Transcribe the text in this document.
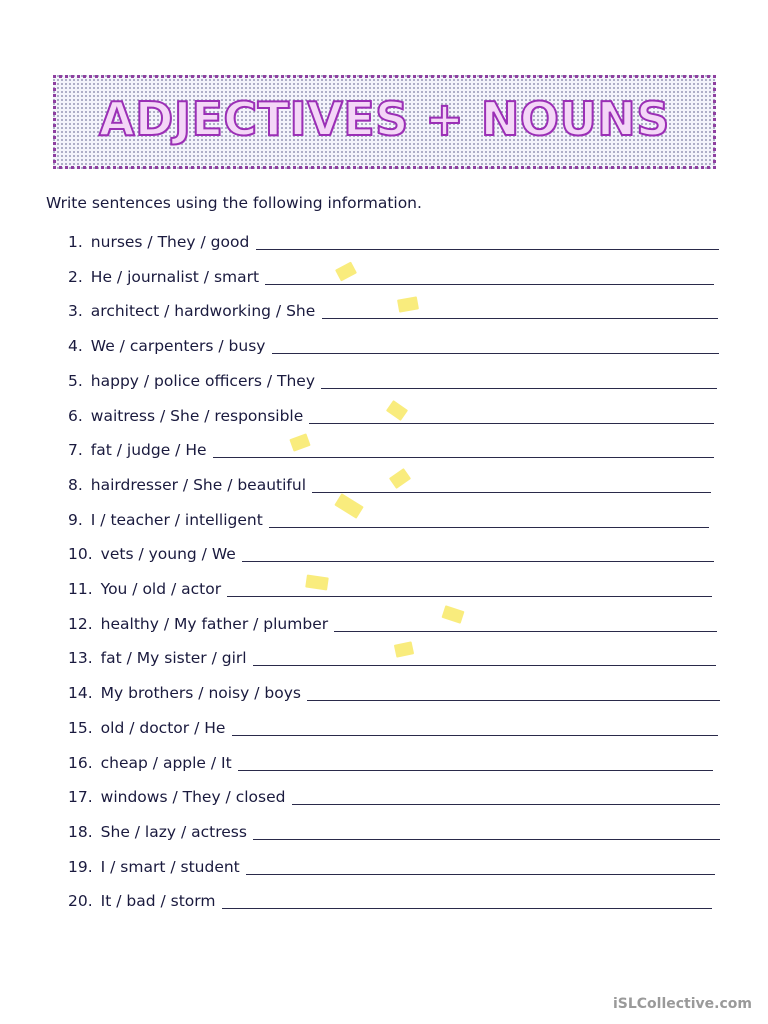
ADJECTIVES + NOUNS
Write sentences using the following information.
1. nurses / They / good
2. He / journalist / smart
3. architect / hardworking / She
4. We / carpenters / busy
5. happy / police officers / They
6. waitress / She / responsible
7. fat / judge / He
8. hairdresser / She / beautiful
9. I / teacher / intelligent
10. vets / young / We
11. You / old / actor
12. healthy / My father / plumber
13. fat / My sister / girl
14. My brothers / noisy / boys
15. old / doctor / He
16. cheap / apple / It
17. windows / They / closed
18. She / lazy / actress
19. I / smart / student
20. It / bad / storm
iSLCollective.com
